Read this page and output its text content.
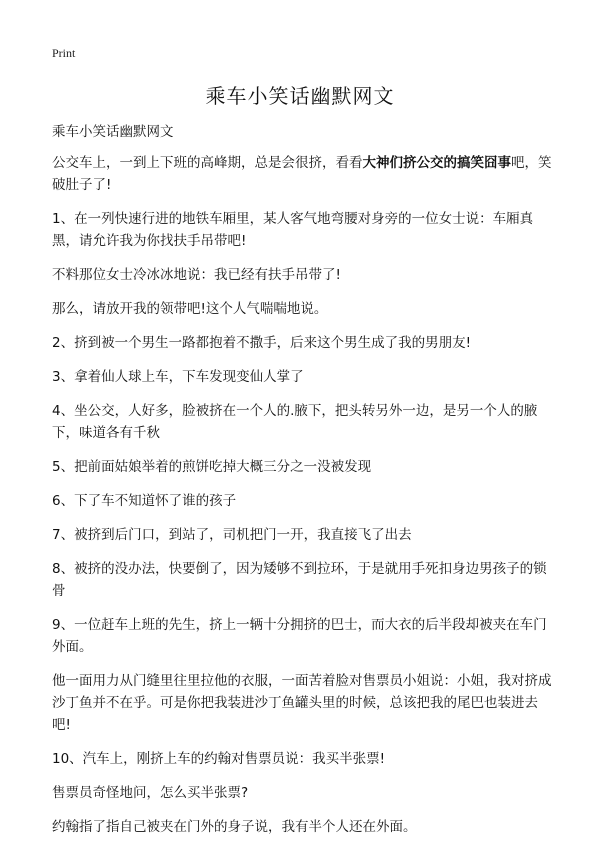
Print
乘车小笑话幽默网文

乘车小笑话幽默网文

公交车上，一到上下班的高峰期，总是会很挤，看看大神们挤公交的搞笑囧事吧，笑破肚子了!

1、在一列快速行进的地铁车厢里，某人客气地弯腰对身旁的一位女士说：车厢真黑，请允许我为你找扶手吊带吧!

不料那位女士冷冰冰地说：我已经有扶手吊带了!

那么，请放开我的领带吧!这个人气喘喘地说。

2、挤到被一个男生一路都抱着不撒手，后来这个男生成了我的男朋友!

3、拿着仙人球上车，下车发现变仙人掌了

4、坐公交，人好多，脸被挤在一个人的.腋下，把头转另外一边，是另一个人的腋下，味道各有千秋

5、把前面姑娘举着的煎饼吃掉大概三分之一没被发现

6、下了车不知道怀了谁的孩子

7、被挤到后门口，到站了，司机把门一开，我直接飞了出去

8、被挤的没办法，快要倒了，因为矮够不到拉环，于是就用手死扣身边男孩子的锁骨

9、一位赶车上班的先生，挤上一辆十分拥挤的巴士，而大衣的后半段却被夹在车门外面。

他一面用力从门缝里往里拉他的衣服，一面苦着脸对售票员小姐说：小姐，我对挤成沙丁鱼并不在乎。可是你把我装进沙丁鱼罐头里的时候，总该把我的尾巴也装进去吧!

10、汽车上，刚挤上车的约翰对售票员说：我买半张票!

售票员奇怪地问，怎么买半张票?

约翰指了指自己被夹在门外的身子说，我有半个人还在外面。
